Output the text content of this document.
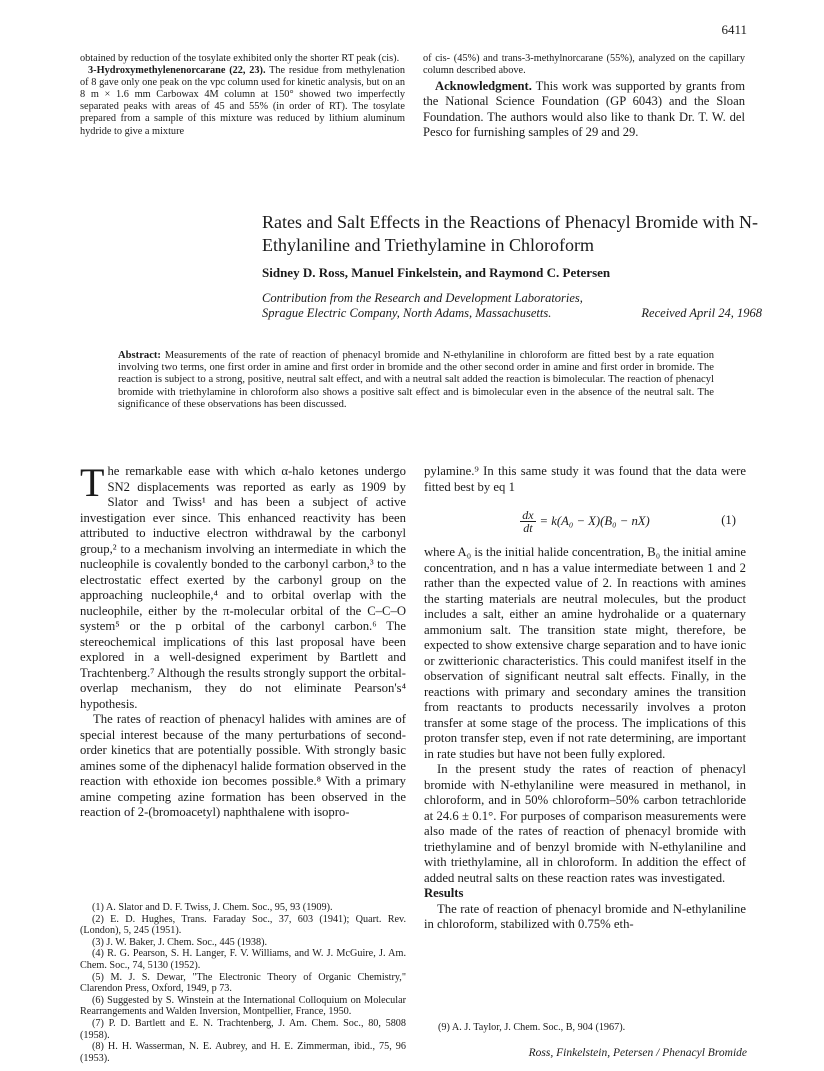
6411

obtained by reduction of the tosylate exhibited only the shorter RT peak (cis).

3-Hydroxymethylenenorcarane (22, 23). The residue from methylenation of 8 gave only one peak on the vpc column used for kinetic analysis, but on an 8 m × 1.6 mm Carbowax 4M column at 150° showed two imperfectly separated peaks with areas of 45 and 55% (in order of RT). The tosylate prepared from a sample of this mixture was reduced by lithium aluminum hydride to give a mixture

of cis- (45%) and trans-3-methylnorcarane (55%), analyzed on the capillary column described above.

Acknowledgment. This work was supported by grants from the National Science Foundation (GP 6043) and the Sloan Foundation. The authors would also like to thank Dr. T. W. del Pesco for furnishing samples of 29 and 29.

Rates and Salt Effects in the Reactions of Phenacyl Bromide with N-Ethylaniline and Triethylamine in Chloroform
Sidney D. Ross, Manuel Finkelstein, and Raymond C. Petersen
Contribution from the Research and Development Laboratories,
Sprague Electric Company, North Adams, Massachusetts.	Received April 24, 1968
Abstract: Measurements of the rate of reaction of phenacyl bromide and N-ethylaniline in chloroform are fitted best by a rate equation involving two terms, one first order in amine and first order in bromide and the other second order in amine and first order in bromide. The reaction is subject to a strong, positive, neutral salt effect, and with a neutral salt added the reaction is bimolecular. The reaction of phenacyl bromide with triethylamine in chloroform also shows a positive salt effect and is bimolecular even in the absence of the neutral salt. The significance of these observations has been discussed.

The remarkable ease with which α-halo ketones undergo SN2 displacements was reported as early as 1909 by Slator and Twiss¹ and has been a subject of active investigation ever since. This enhanced reactivity has been attributed to inductive electron withdrawal by the carbonyl group,² to a mechanism involving an intermediate in which the nucleophile is covalently bonded to the carbonyl carbon,³ to the electrostatic effect exerted by the carbonyl group on the approaching nucleophile,⁴ and to orbital overlap with the nucleophile, either by the π-molecular orbital of the C–C–O system⁵ or the p orbital of the carbonyl carbon.⁶ The stereochemical implications of this last proposal have been explored in a well-designed experiment by Bartlett and Trachtenberg.⁷ Although the results strongly support the orbital-overlap mechanism, they do not eliminate Pearson's⁴ hypothesis.

The rates of reaction of phenacyl halides with amines are of special interest because of the many perturbations of second-order kinetics that are potentially possible. With strongly basic amines some of the diphenacyl halide formation observed in the reaction with ethoxide ion becomes possible.⁸ With a primary amine competing azine formation has been observed in the reaction of 2-(bromoacetyl) naphthalene with isopro-

(1) A. Slator and D. F. Twiss, J. Chem. Soc., 95, 93 (1909).

(2) E. D. Hughes, Trans. Faraday Soc., 37, 603 (1941); Quart. Rev. (London), 5, 245 (1951).

(3) J. W. Baker, J. Chem. Soc., 445 (1938).

(4) R. G. Pearson, S. H. Langer, F. V. Williams, and W. J. McGuire, J. Am. Chem. Soc., 74, 5130 (1952).

(5) M. J. S. Dewar, "The Electronic Theory of Organic Chemistry," Clarendon Press, Oxford, 1949, p 73.

(6) Suggested by S. Winstein at the International Colloquium on Molecular Rearrangements and Walden Inversion, Montpellier, France, 1950.

(7) P. D. Bartlett and E. N. Trachtenberg, J. Am. Chem. Soc., 80, 5808 (1958).

(8) H. H. Wasserman, N. E. Aubrey, and H. E. Zimmerman, ibid., 75, 96 (1953).

pylamine.⁹ In this same study it was found that the data were fitted best by eq 1

$\frac{dx}{dt} = k(A_0 - X)(B_0 - nX)$	(1)

where A₀ is the initial halide concentration, B₀ the initial amine concentration, and n has a value intermediate between 1 and 2 rather than the expected value of 2. In reactions with amines the starting materials are neutral molecules, but the product includes a salt, either an amine hydrohalide or a quaternary ammonium salt. The transition state might, therefore, be expected to show extensive charge separation and to have ionic or zwitterionic characteristics. This could manifest itself in the observation of significant neutral salt effects. Finally, in the reactions with primary and secondary amines the transition from reactants to products necessarily involves a proton transfer at some stage of the process. The implications of this proton transfer step, even if not rate determining, are important in rate studies but have not been fully explored.

In the present study the rates of reaction of phenacyl bromide with N-ethylaniline were measured in methanol, in chloroform, and in 50% chloroform–50% carbon tetrachloride at 24.6 ± 0.1°. For purposes of comparison measurements were also made of the rates of reaction of phenacyl bromide with triethylamine and of benzyl bromide with N-ethylaniline and with triethylamine, all in chloroform. In addition the effect of added neutral salts on these reaction rates was investigated.

Results

The rate of reaction of phenacyl bromide and N-ethylaniline in chloroform, stabilized with 0.75% eth-

(9) A. J. Taylor, J. Chem. Soc., B, 904 (1967).
Ross, Finkelstein, Petersen / Phenacyl Bromide
